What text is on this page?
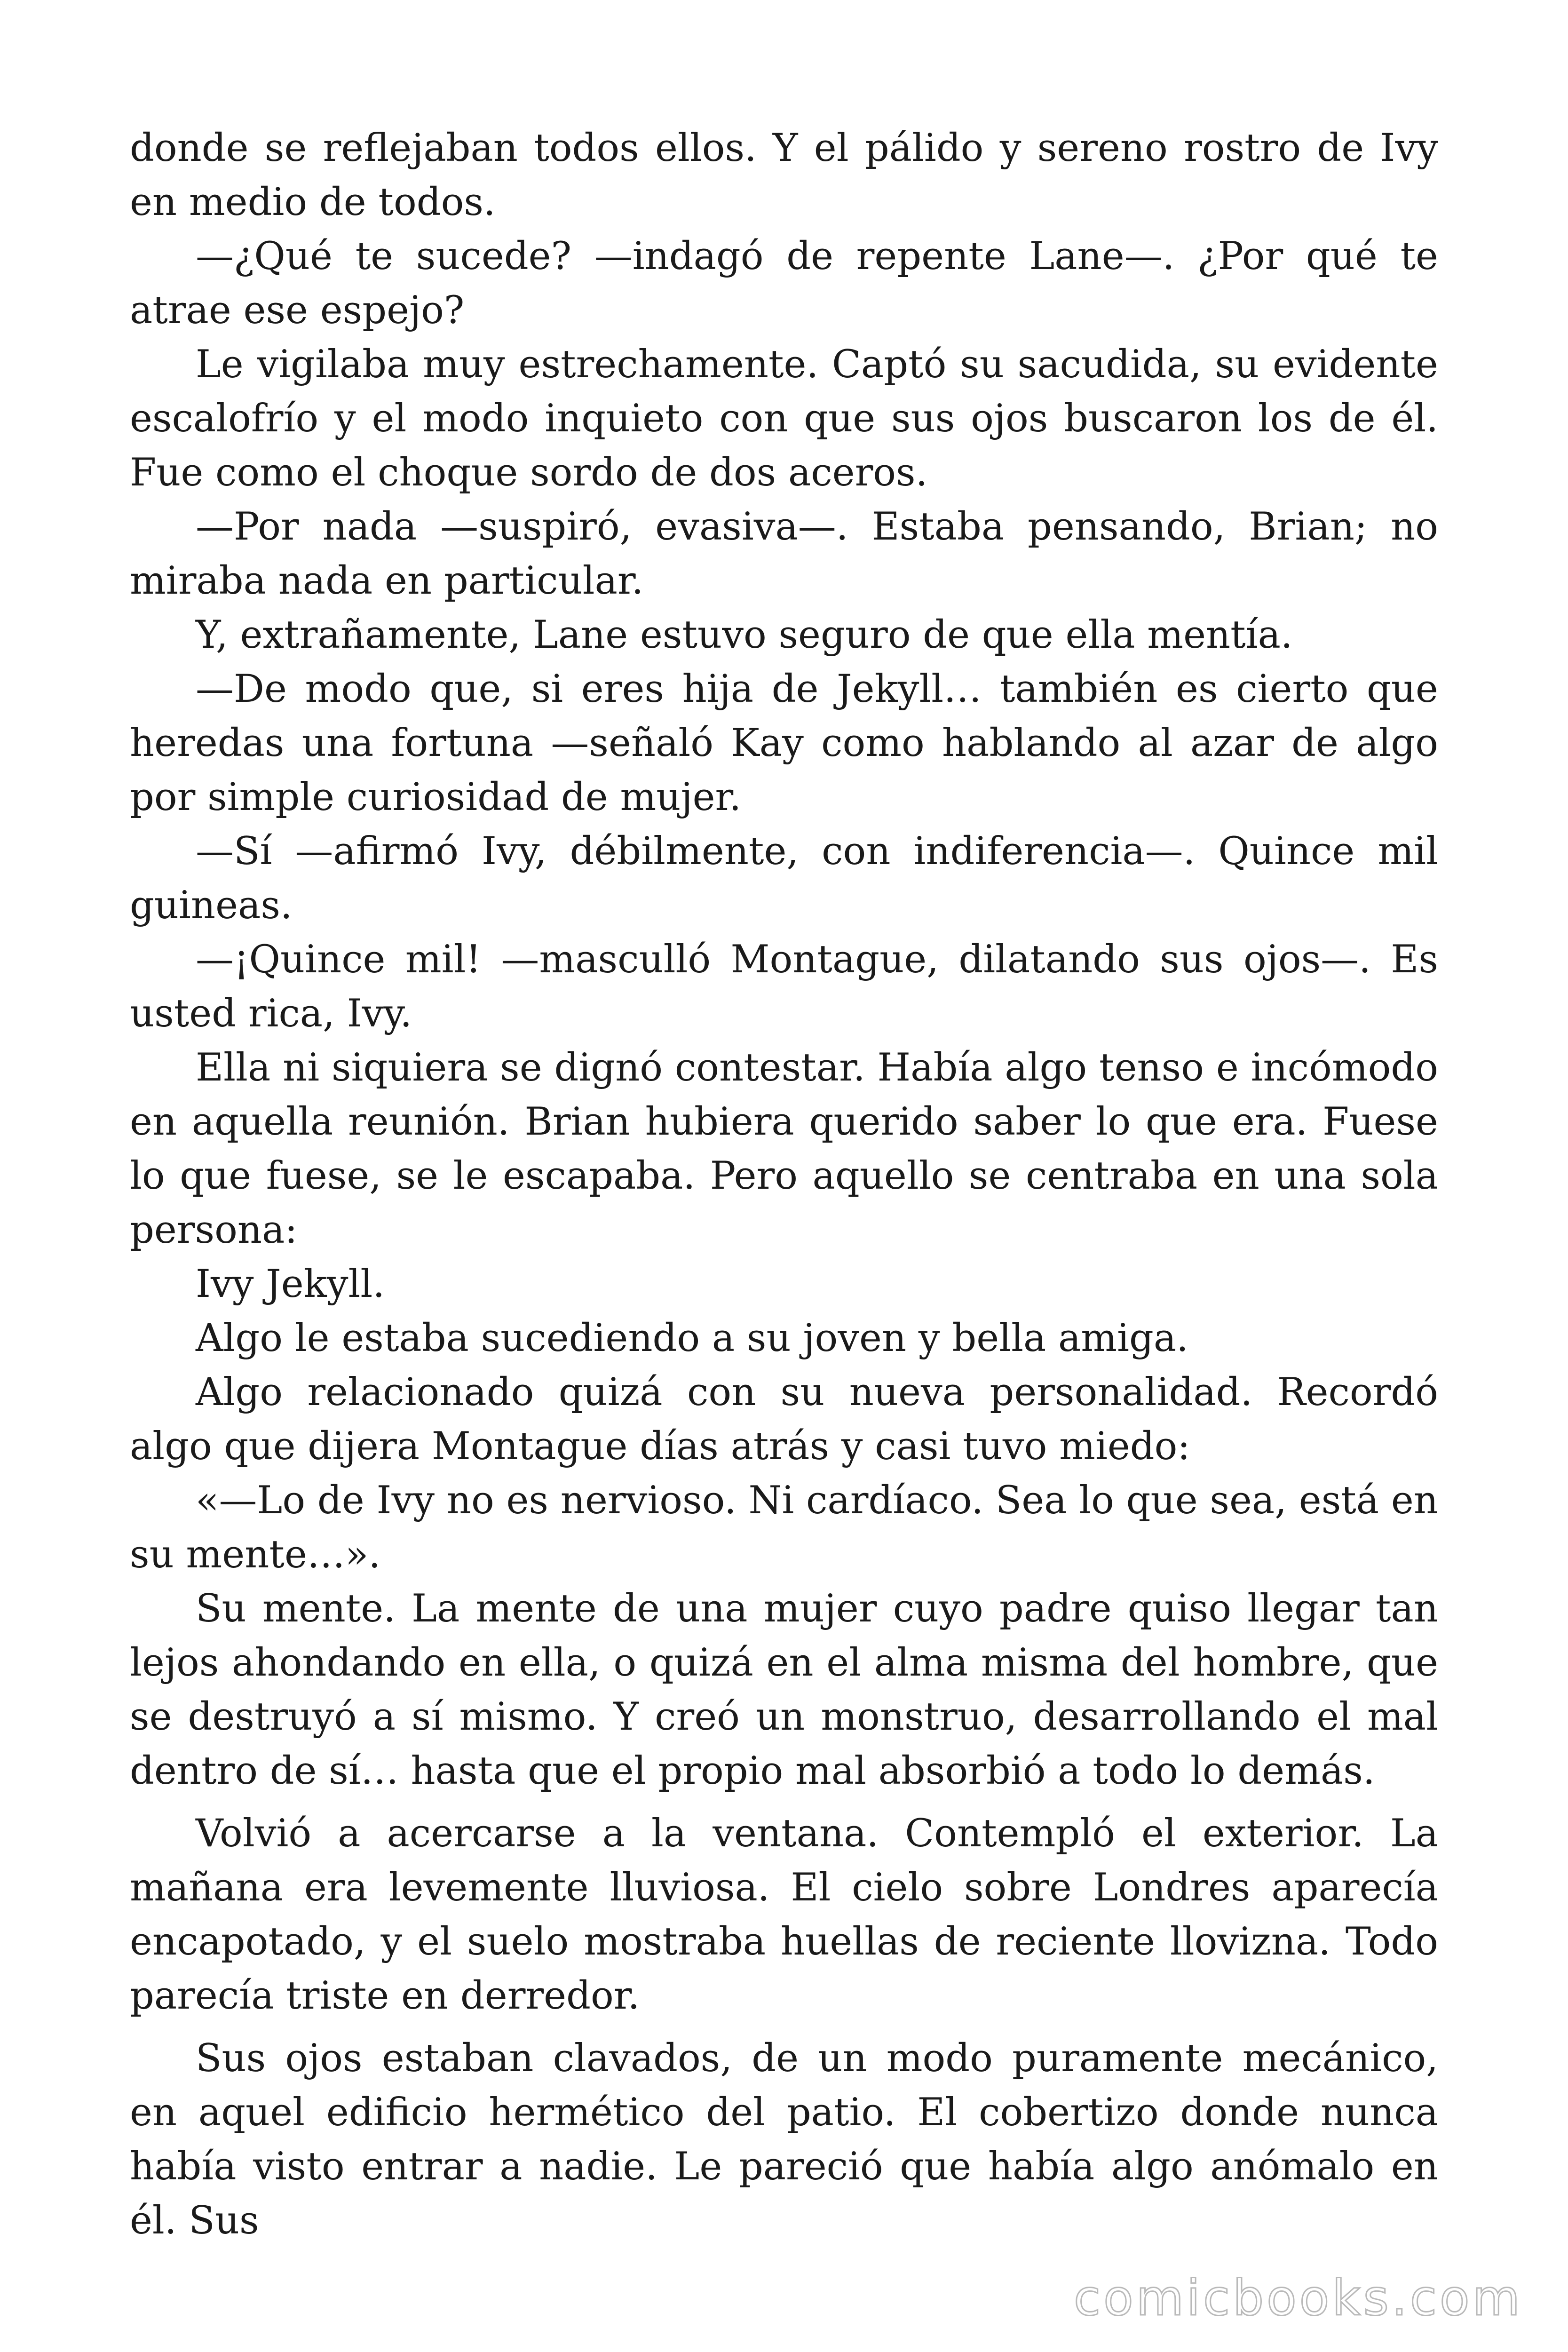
donde se reflejaban todos ellos. Y el pálido y sereno rostro de Ivy en medio de todos.

—¿Qué te sucede? —indagó de repente Lane—. ¿Por qué te atrae ese espejo?

Le vigilaba muy estrechamente. Captó su sacudida, su evidente escalofrío y el modo inquieto con que sus ojos buscaron los de él. Fue como el choque sordo de dos aceros.

—Por nada —suspiró, evasiva—. Estaba pensando, Brian; no miraba nada en particular.

Y, extrañamente, Lane estuvo seguro de que ella mentía.

—De modo que, si eres hija de Jekyll… también es cierto que heredas una fortuna —señaló Kay como hablando al azar de algo por simple curiosidad de mujer.

—Sí —afirmó Ivy, débilmente, con indiferencia—. Quince mil guineas.

—¡Quince mil! —masculló Montague, dilatando sus ojos—. Es usted rica, Ivy.

Ella ni siquiera se dignó contestar. Había algo tenso e incómodo en aquella reunión. Brian hubiera querido saber lo que era. Fuese lo que fuese, se le escapaba. Pero aquello se centraba en una sola persona:

Ivy Jekyll.

Algo le estaba sucediendo a su joven y bella amiga.

Algo relacionado quizá con su nueva personalidad. Recordó algo que dijera Montague días atrás y casi tuvo miedo:

«—Lo de Ivy no es nervioso. Ni cardíaco. Sea lo que sea, está en su mente…».

Su mente. La mente de una mujer cuyo padre quiso llegar tan lejos ahondando en ella, o quizá en el alma misma del hombre, que se destruyó a sí mismo. Y creó un monstruo, desarrollando el mal dentro de sí… hasta que el propio mal absorbió a todo lo demás.

Volvió a acercarse a la ventana. Contempló el exterior. La mañana era levemente lluviosa. El cielo sobre Londres aparecía encapotado, y el suelo mostraba huellas de reciente llovizna. Todo parecía triste en derredor.

Sus ojos estaban clavados, de un modo puramente mecánico, en aquel edificio hermético del patio. El cobertizo donde nunca había visto entrar a nadie. Le pareció que había algo anómalo en él. Sus

comicbooks.com
